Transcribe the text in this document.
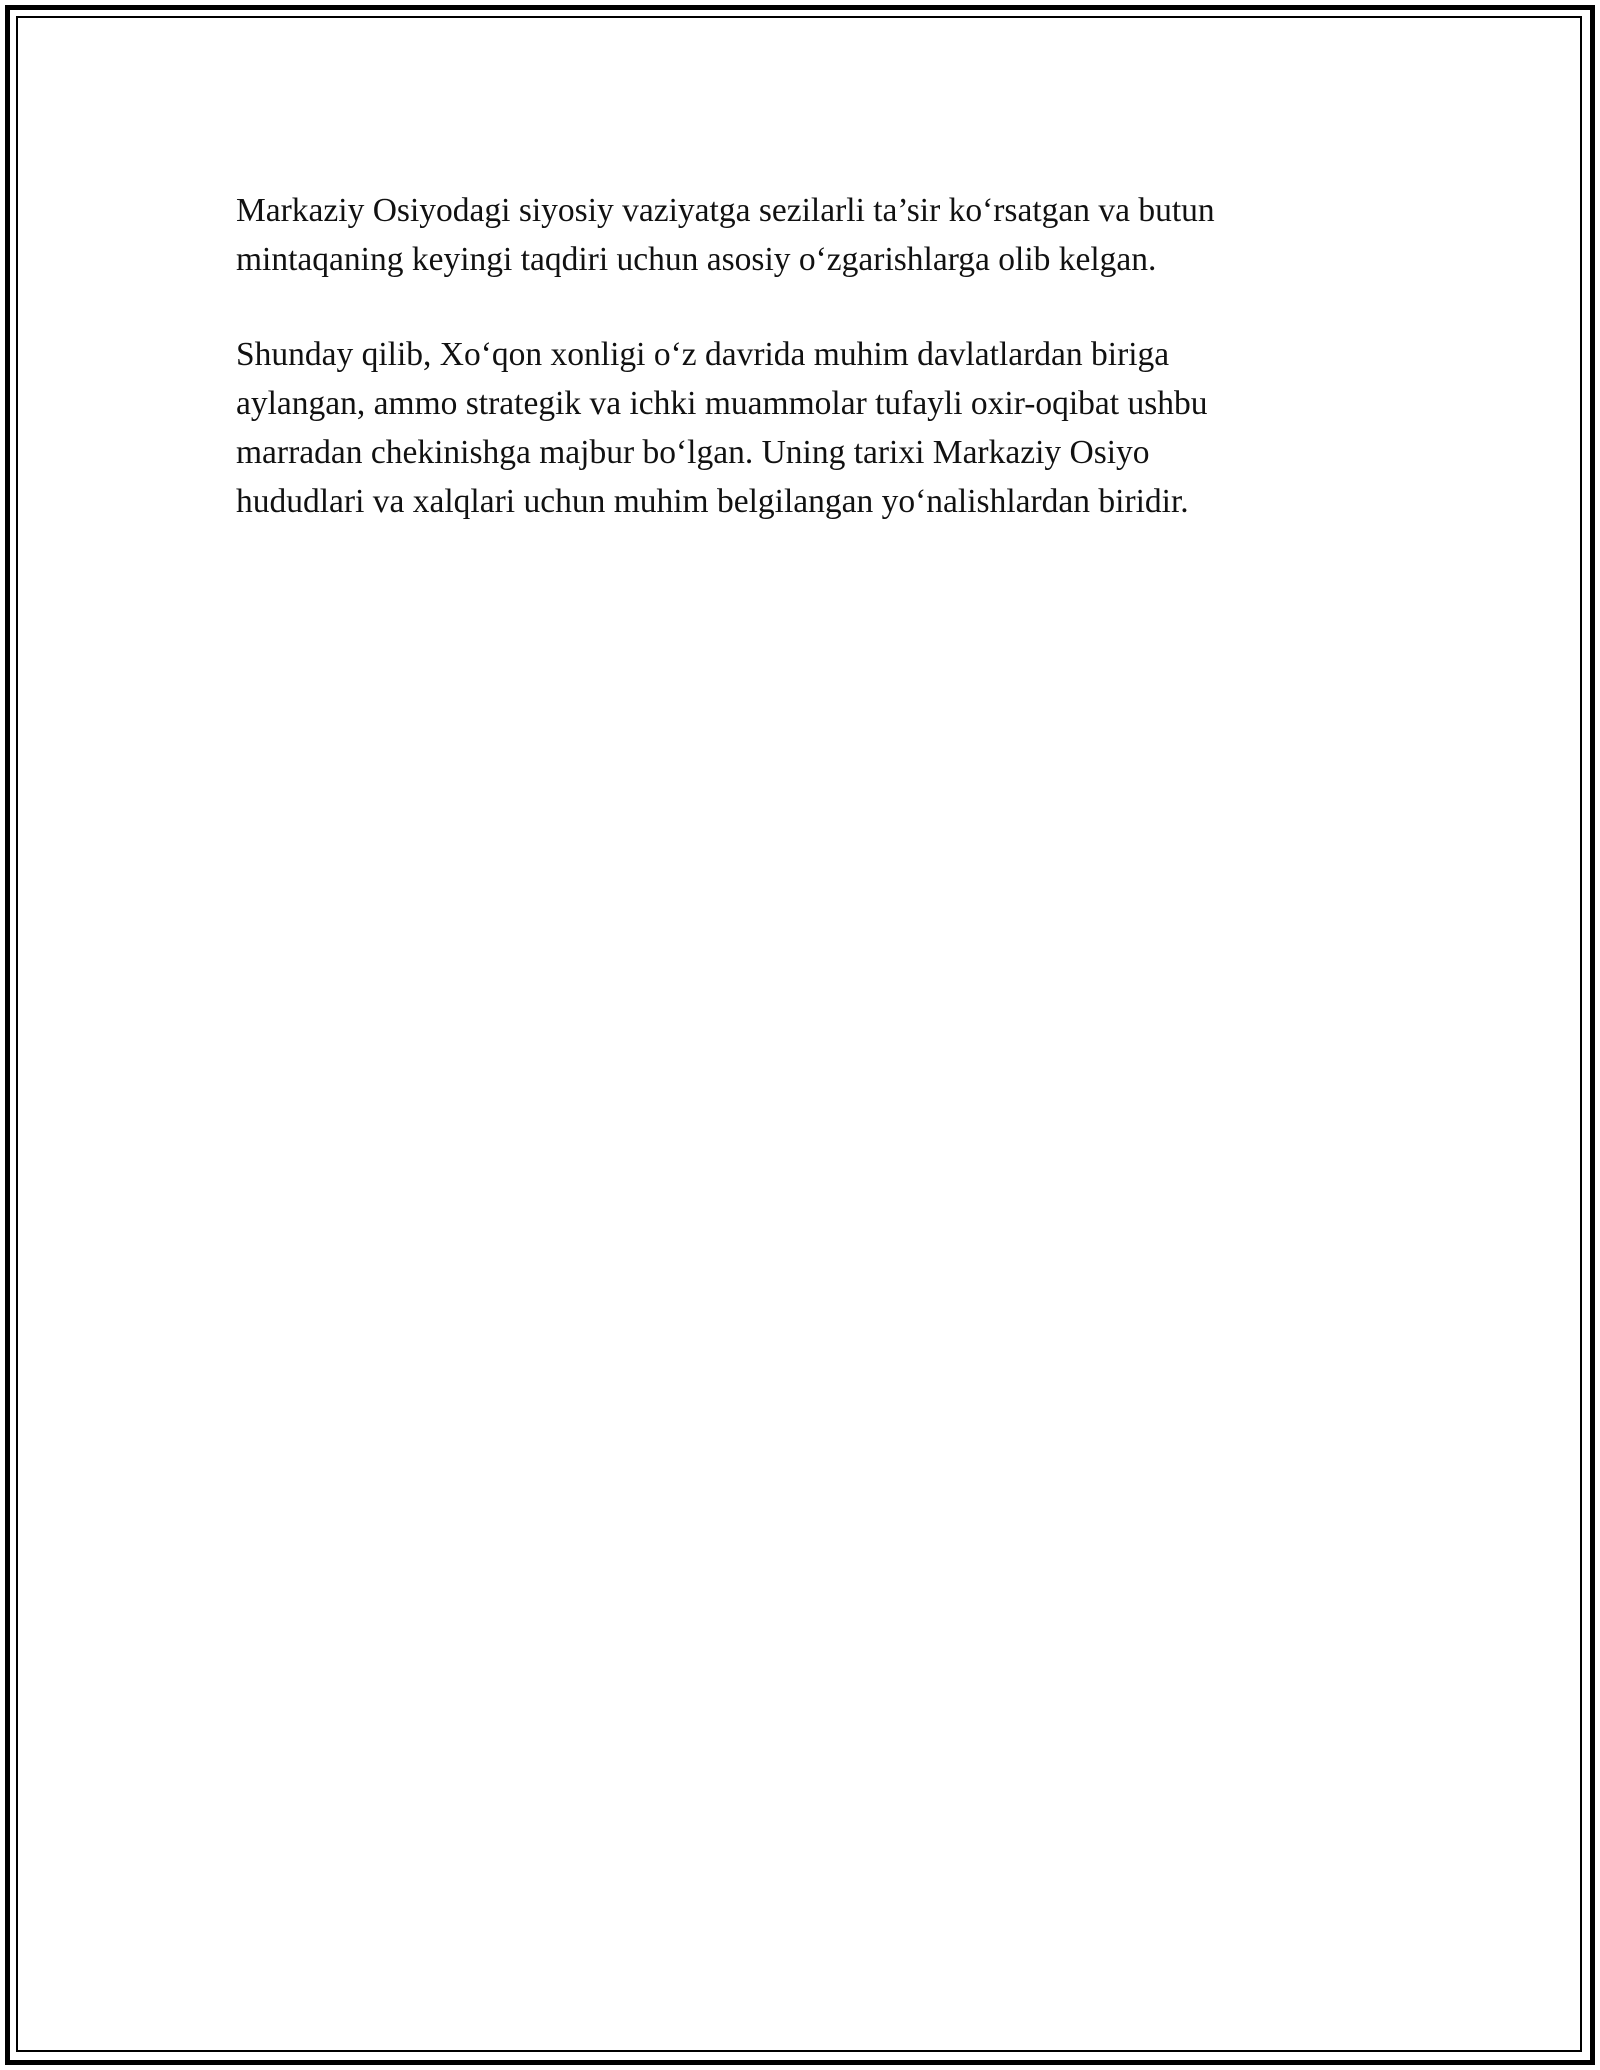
Markaziy Osiyodagi siyosiy vaziyatga sezilarli ta’sir ko‘rsatgan va butun
mintaqaning keyingi taqdiri uchun asosiy o‘zgarishlarga olib kelgan.

Shunday qilib, Xo‘qon xonligi o‘z davrida muhim davlatlardan biriga
aylangan, ammo strategik va ichki muammolar tufayli oxir-oqibat ushbu
marradan chekinishga majbur bo‘lgan. Uning tarixi Markaziy Osiyo
hududlari va xalqlari uchun muhim belgilangan yo‘nalishlardan biridir.
